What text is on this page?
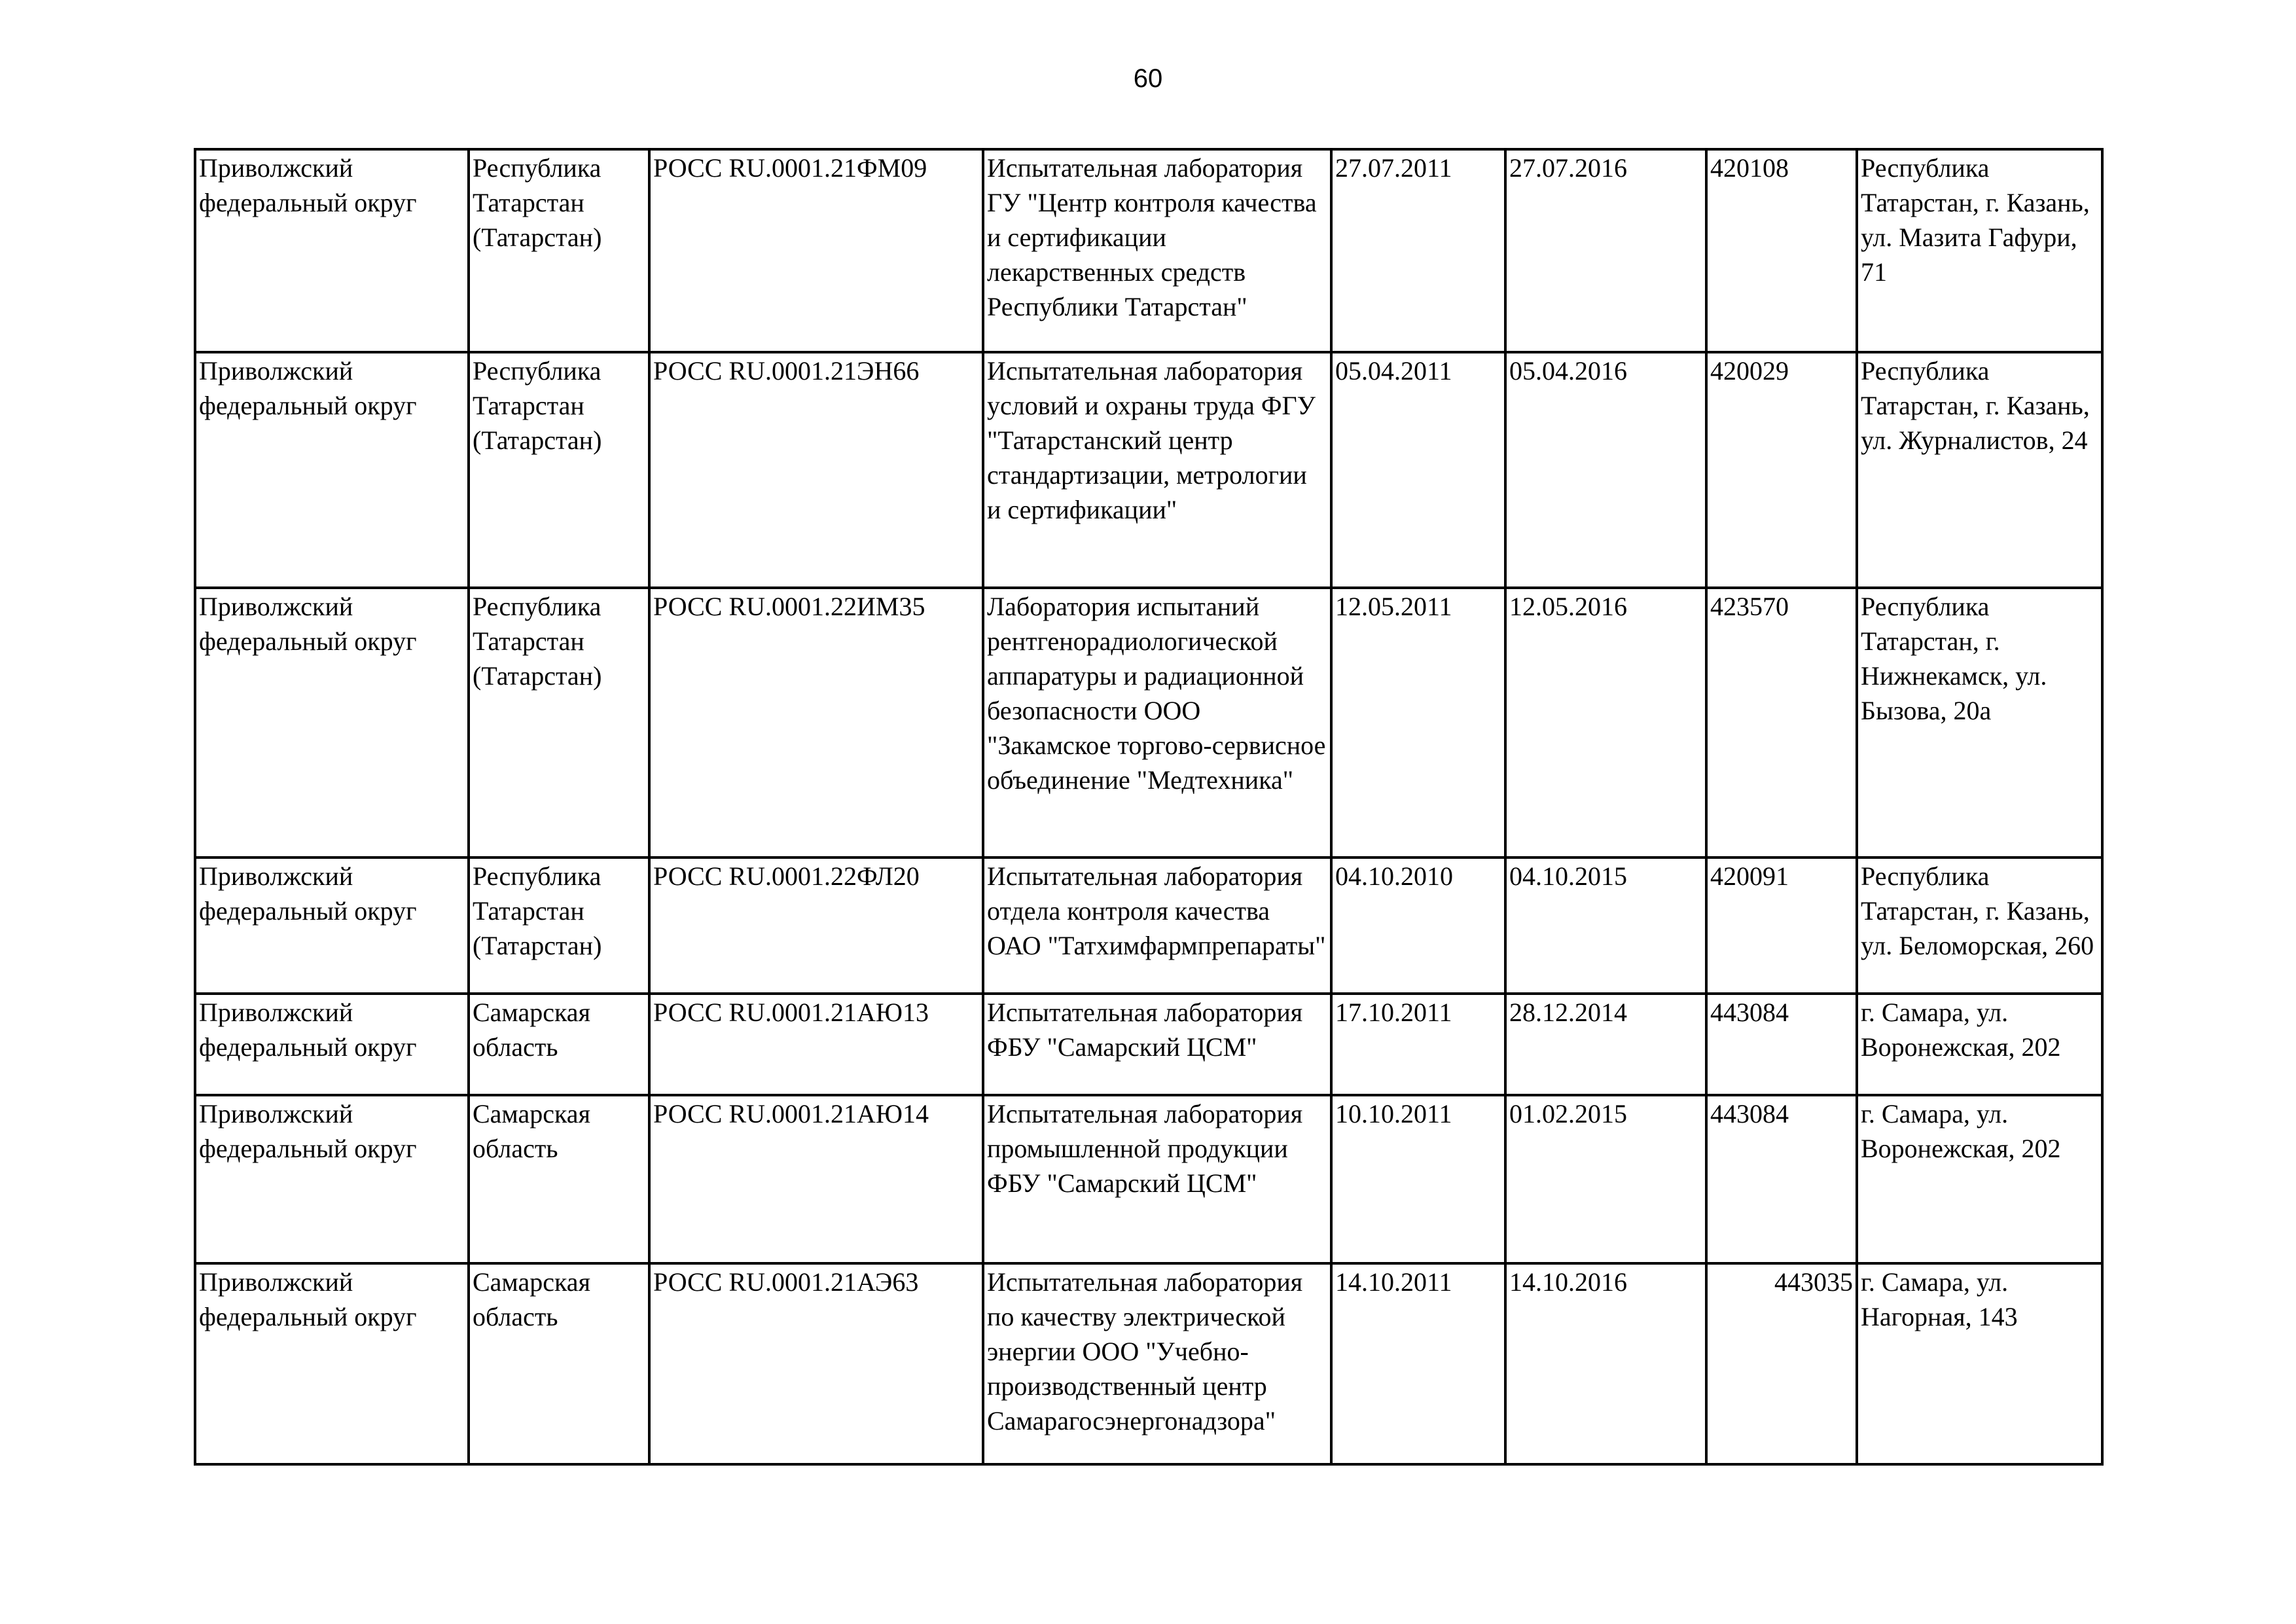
60
Приволжский федеральный округ	Республика Татарстан (Татарстан)	РОСС RU.0001.21ФМ09	Испытательная лаборатория ГУ "Центр контроля качества и сертификации лекарственных средств Республики Татарстан"	27.07.2011	27.07.2016	420108	Республика Татарстан, г. Казань, ул. Мазита Гафури, 71
Приволжский федеральный округ	Республика Татарстан (Татарстан)	РОСС RU.0001.21ЭН66	Испытательная лаборатория условий и охраны труда ФГУ "Татарстанский центр стандартизации, метрологии и сертификации"	05.04.2011	05.04.2016	420029	Республика Татарстан, г. Казань, ул. Журналистов, 24
Приволжский федеральный округ	Республика Татарстан (Татарстан)	РОСС RU.0001.22ИМ35	Лаборатория испытаний рентгенорадиологической аппаратуры и радиационной безопасности ООО "Закамское торгово-сервисное объединение "Медтехника"	12.05.2011	12.05.2016	423570	Республика Татарстан, г. Нижнекамск, ул. Бызова, 20а

Приволжский федеральный округ	Республика Татарстан (Татарстан)	РОСС RU.0001.22ФЛ20	Испытательная лаборатория отдела контроля качества ОАО "Татхимфармпрепараты"	04.10.2010	04.10.2015	420091	Республика Татарстан, г. Казань, ул. Беломорская, 260

Приволжский федеральный округ	Самарская область	РОСС RU.0001.21АЮ13	Испытательная лаборатория ФБУ "Самарский ЦСМ"	17.10.2011	28.12.2014	443084	г. Самара, ул. Воронежская, 202
Приволжский федеральный округ	Самарская область	РОСС RU.0001.21АЮ14	Испытательная лаборатория промышленной продукции ФБУ "Самарский ЦСМ"	10.10.2011	01.02.2015	443084	г. Самара, ул. Воронежская, 202
Приволжский федеральный округ	Самарская область	РОСС RU.0001.21АЭ63	Испытательная лаборатория по качеству электрической энергии ООО "Учебно-производственный центр Самарагосэнергонадзора"	14.10.2011	14.10.2016	443035	г. Самара, ул. Нагорная, 143
